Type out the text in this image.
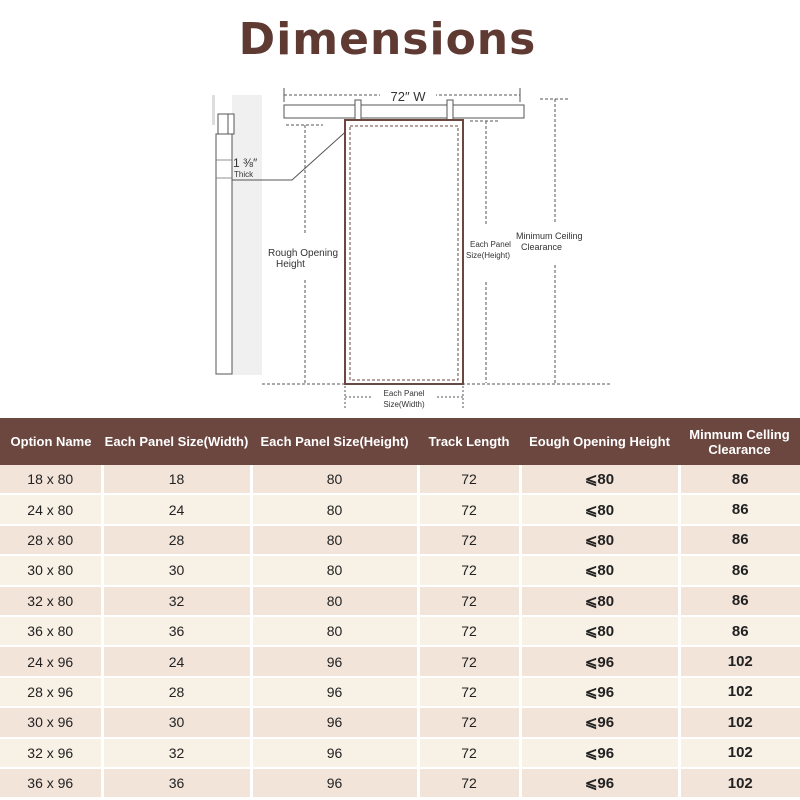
Dimensions
1 ⅜″
Thick
72″ W
Rough Opening
Height
Each Panel
Size(Height)
Minimum Ceiling
Clearance
Each Panel
Size(Width)
Option Name	Each Panel Size(Width)	Each Panel Size(Height)	Track Length	Eough Opening Height	Minmum Celling Clearance
18 x 80	18	80	72	⩽80	86
24 x 80	24	80	72	⩽80	86
28 x 80	28	80	72	⩽80	86
30 x 80	30	80	72	⩽80	86
32 x 80	32	80	72	⩽80	86
36 x 80	36	80	72	⩽80	86
24 x 96	24	96	72	⩽96	102
28 x 96	28	96	72	⩽96	102
30 x 96	30	96	72	⩽96	102
32 x 96	32	96	72	⩽96	102
36 x 96	36	96	72	⩽96	102
